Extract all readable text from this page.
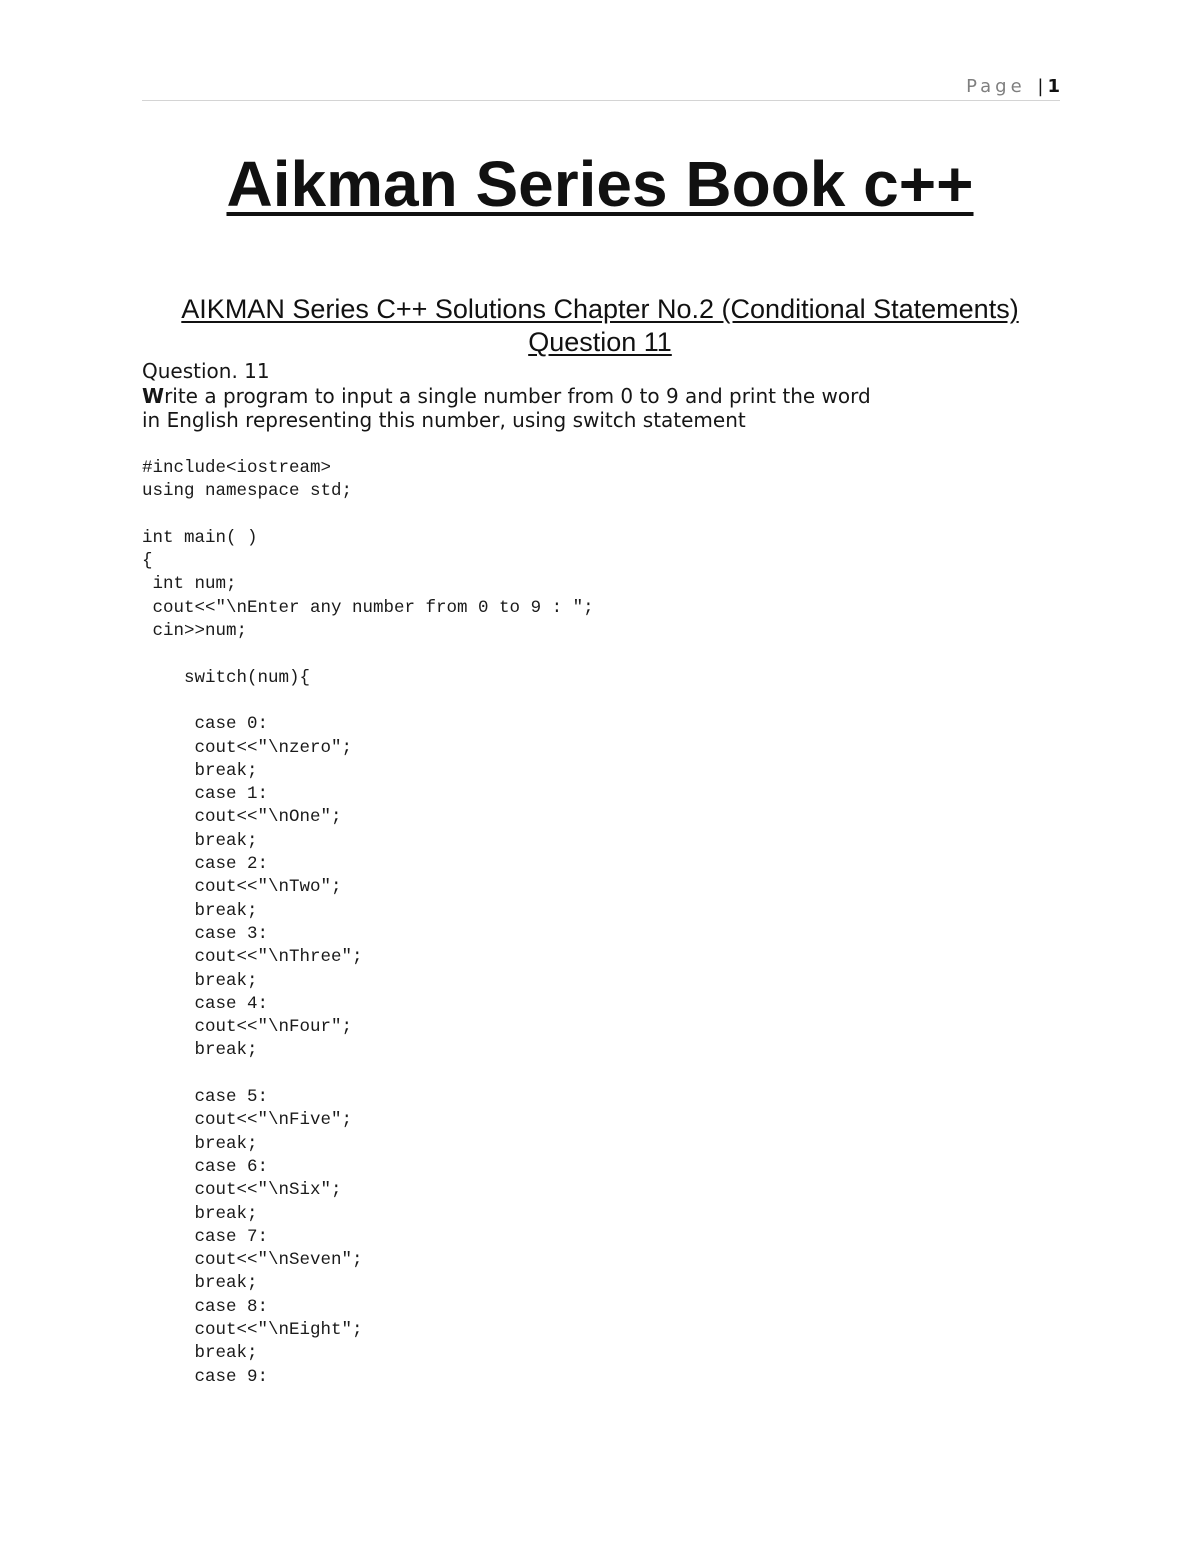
Page | 1
Aikman Series Book c++
AIKMAN Series C++ Solutions Chapter No.2 (Conditional Statements)
Question 11
Question. 11
Write a program to input a single number from 0 to 9 and print the word
in English representing this number, using switch statement
#include<iostream>
using namespace std;
int main( )
{
int num;
cout<<"\nEnter any number from 0 to 9 : ";
cin>>num;
switch(num){
case 0:
cout<<"\nzero";
break;
case 1:
cout<<"\nOne";
break;
case 2:
cout<<"\nTwo";
break;
case 3:
cout<<"\nThree";
break;
case 4:
cout<<"\nFour";
break;
case 5:
cout<<"\nFive";
break;
case 6:
cout<<"\nSix";
break;
case 7:
cout<<"\nSeven";
break;
case 8:
cout<<"\nEight";
break;
case 9:
